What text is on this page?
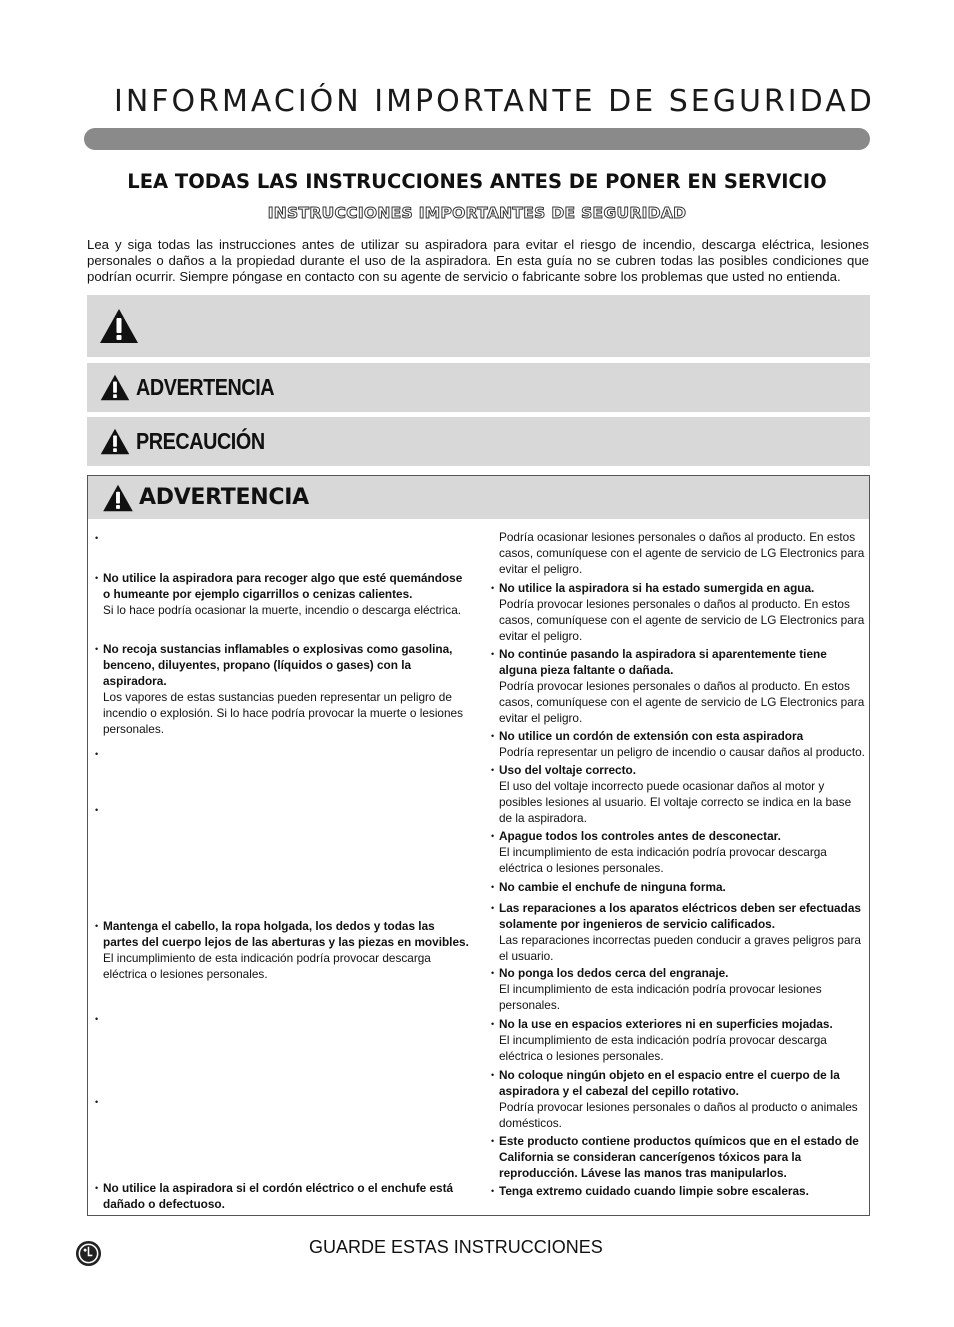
INFORMACIÓN IMPORTANTE DE SEGURIDAD
LEA TODAS LAS INSTRUCCIONES ANTES DE PONER EN SERVICIO
INSTRUCCIONES IMPORTANTES DE SEGURIDAD

Lea y siga todas las instrucciones antes de utilizar su aspiradora para evitar el riesgo de incendio, descarga eléctrica, lesiones personales o daños a la propiedad durante el uso de la aspiradora. En esta guía no se cubren todas las posibles condiciones que podrían ocurrir. Siempre póngase en contacto con su agente de servicio o fabricante sobre los problemas que usted no entienda.

ADVERTENCIA
PRECAUCIÓN
ADVERTENCIA
•
• No utilice la aspiradora para recoger algo que esté quemándose o humeante por ejemplo cigarrillos o cenizas calientes.
Si lo hace podría ocasionar la muerte, incendio o descarga eléctrica.
• No recoja sustancias inflamables o explosivas como gasolina, benceno, diluyentes, propano (líquidos o gases) con la aspiradora.
Los vapores de estas sustancias pueden representar un peligro de incendio o explosión. Si lo hace podría provocar la muerte o lesiones personales.
•
•
• Mantenga el cabello, la ropa holgada, los dedos y todas las partes del cuerpo lejos de las aberturas y las piezas en movibles.
El incumplimiento de esta indicación podría provocar descarga eléctrica o lesiones personales.
•
•
• No utilice la aspiradora si el cordón eléctrico o el enchufe está dañado o defectuoso.
Podría ocasionar lesiones personales o daños al producto. En estos casos, comuníquese con el agente de servicio de LG Electronics para evitar el peligro.
• No utilice la aspiradora si ha estado sumergida en agua.
Podría provocar lesiones personales o daños al producto. En estos casos, comuníquese con el agente de servicio de LG Electronics para evitar el peligro.
• No continúe pasando la aspiradora si aparentemente tiene alguna pieza faltante o dañada.
Podría provocar lesiones personales o daños al producto. En estos casos, comuníquese con el agente de servicio de LG Electronics para evitar el peligro.
• No utilice un cordón de extensión con esta aspiradora
Podría representar un peligro de incendio o causar daños al producto.
• Uso del voltaje correcto.
El uso del voltaje incorrecto puede ocasionar daños al motor y posibles lesiones al usuario. El voltaje correcto se indica en la base de la aspiradora.
• Apague todos los controles antes de desconectar.
El incumplimiento de esta indicación podría provocar descarga eléctrica o lesiones personales.
• No cambie el enchufe de ninguna forma.
• Las reparaciones a los aparatos eléctricos deben ser efectuadas solamente por ingenieros de servicio calificados.
Las reparaciones incorrectas pueden conducir a graves peligros para el usuario.
• No ponga los dedos cerca del engranaje.
El incumplimiento de esta indicación podría provocar lesiones personales.
• No la use en espacios exteriores ni en superficies mojadas.
El incumplimiento de esta indicación podría provocar descarga eléctrica o lesiones personales.
• No coloque ningún objeto en el espacio entre el cuerpo de la aspiradora y el cabezal del cepillo rotativo.
Podría provocar lesiones personales o daños al producto o animales domésticos.
• Este producto contiene productos químicos que en el estado de California se consideran cancerígenos tóxicos para la reproducción. Lávese las manos tras manipularlos.
• Tenga extremo cuidado cuando limpie sobre escaleras.

GUARDE ESTAS INSTRUCCIONES
